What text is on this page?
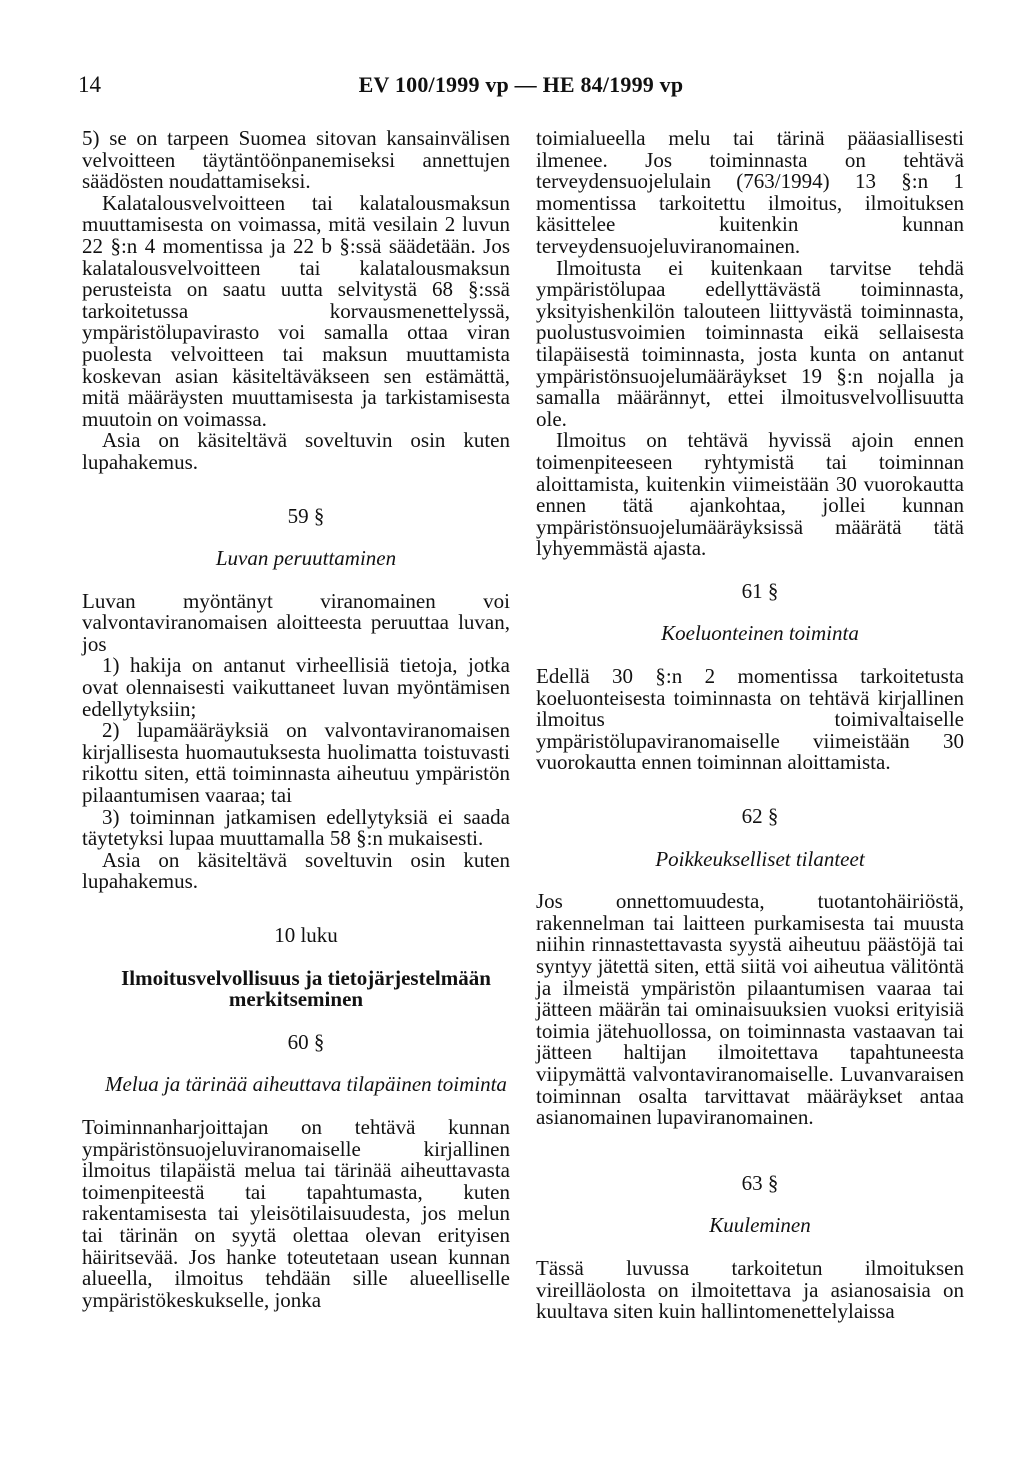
14	EV 100/1999 vp — HE 84/1999 vp

5) se on tarpeen Suomea sitovan kansainvälisen velvoitteen täytäntöönpanemiseksi annettujen säädösten noudattamiseksi.

Kalatalousvelvoitteen tai kalatalousmaksun muuttamisesta on voimassa, mitä vesilain 2 luvun 22 §:n 4 momentissa ja 22 b §:ssä säädetään. Jos kalatalousvelvoitteen tai kalatalousmaksun perusteista on saatu uutta selvitystä 68 §:ssä tarkoitetussa korvausmenettelyssä, ympäristölupavirasto voi samalla ottaa viran puolesta velvoitteen tai maksun muuttamista koskevan asian käsiteltäväkseen sen estämättä, mitä määräysten muuttamisesta ja tarkistamisesta muutoin on voimassa.

Asia on käsiteltävä soveltuvin osin kuten lupahakemus.

59 §

Luvan peruuttaminen

Luvan myöntänyt viranomainen voi valvontaviranomaisen aloitteesta peruuttaa luvan, jos

1) hakija on antanut virheellisiä tietoja, jotka ovat olennaisesti vaikuttaneet luvan myöntämisen edellytyksiin;

2) lupamääräyksiä on valvontaviranomaisen kirjallisesta huomautuksesta huolimatta toistuvasti rikottu siten, että toiminnasta aiheutuu ympäristön pilaantumisen vaaraa; tai

3) toiminnan jatkamisen edellytyksiä ei saada täytetyksi lupaa muuttamalla 58 §:n mukaisesti.

Asia on käsiteltävä soveltuvin osin kuten lupahakemus.

10 luku

Ilmoitusvelvollisuus ja tietojärjestelmään merkitseminen

60 §

Melua ja tärinää aiheuttava tilapäinen toiminta

Toiminnanharjoittajan on tehtävä kunnan ympäristönsuojeluviranomaiselle kirjallinen ilmoitus tilapäistä melua tai tärinää aiheuttavasta toimenpiteestä tai tapahtumasta, kuten rakentamisesta tai yleisötilaisuudesta, jos melun tai tärinän on syytä olettaa olevan erityisen häiritsevää. Jos hanke toteutetaan usean kunnan alueella, ilmoitus tehdään sille alueelliselle ympäristökeskukselle, jonka

toimialueella melu tai tärinä pääasiallisesti ilmenee. Jos toiminnasta on tehtävä terveydensuojelulain (763/1994) 13 §:n 1 momentissa tarkoitettu ilmoitus, ilmoituksen käsittelee kuitenkin kunnan terveydensuojeluviranomainen.

Ilmoitusta ei kuitenkaan tarvitse tehdä ympäristölupaa edellyttävästä toiminnasta, yksityishenkilön talouteen liittyvästä toiminnasta, puolustusvoimien toiminnasta eikä sellaisesta tilapäisestä toiminnasta, josta kunta on antanut ympäristönsuojelumääräykset 19 §:n nojalla ja samalla määrännyt, ettei ilmoitusvelvollisuutta ole.

Ilmoitus on tehtävä hyvissä ajoin ennen toimenpiteeseen ryhtymistä tai toiminnan aloittamista, kuitenkin viimeistään 30 vuorokautta ennen tätä ajankohtaa, jollei kunnan ympäristönsuojelumääräyksissä määrätä tätä lyhyemmästä ajasta.

61 §

Koeluonteinen toiminta

Edellä 30 §:n 2 momentissa tarkoitetusta koeluonteisesta toiminnasta on tehtävä kirjallinen ilmoitus toimivaltaiselle ympäristölupaviranomaiselle viimeistään 30 vuorokautta ennen toiminnan aloittamista.

62 §

Poikkeukselliset tilanteet

Jos onnettomuudesta, tuotantohäiriöstä, rakennelman tai laitteen purkamisesta tai muusta niihin rinnastettavasta syystä aiheutuu päästöjä tai syntyy jätettä siten, että siitä voi aiheutua välitöntä ja ilmeistä ympäristön pilaantumisen vaaraa tai jätteen määrän tai ominaisuuksien vuoksi erityisiä toimia jätehuollossa, on toiminnasta vastaavan tai jätteen haltijan ilmoitettava tapahtuneesta viipymättä valvontaviranomaiselle. Luvanvaraisen toiminnan osalta tarvittavat määräykset antaa asianomainen lupaviranomainen.

63 §

Kuuleminen

Tässä luvussa tarkoitetun ilmoituksen vireilläolosta on ilmoitettava ja asianosaisia on kuultava siten kuin hallintomenettelylaissa
